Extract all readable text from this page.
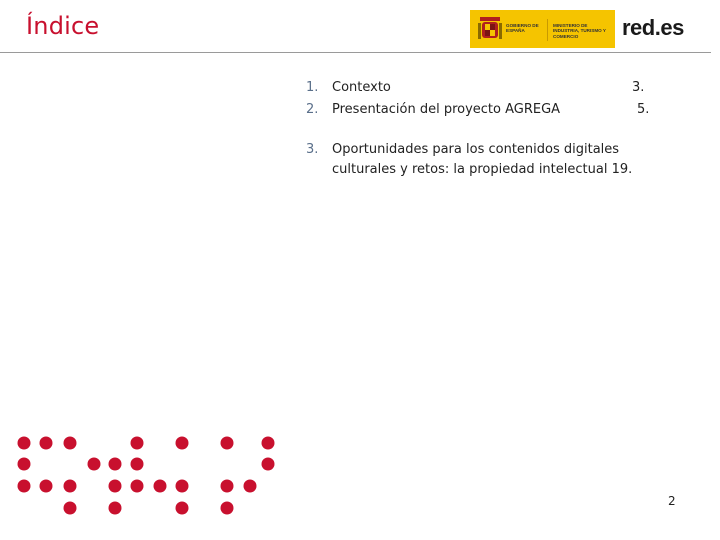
Índice	GOBIERNO DE ESPAÑA
MINISTERIO DE INDUSTRIA, TURISMO Y COMERCIO	red.es
1. Contexto	3.
2. Presentación del proyecto AGREGA	5.
3. Oportunidades para los contenidos digitales culturales y retos: la propiedad intelectual 19.
2
